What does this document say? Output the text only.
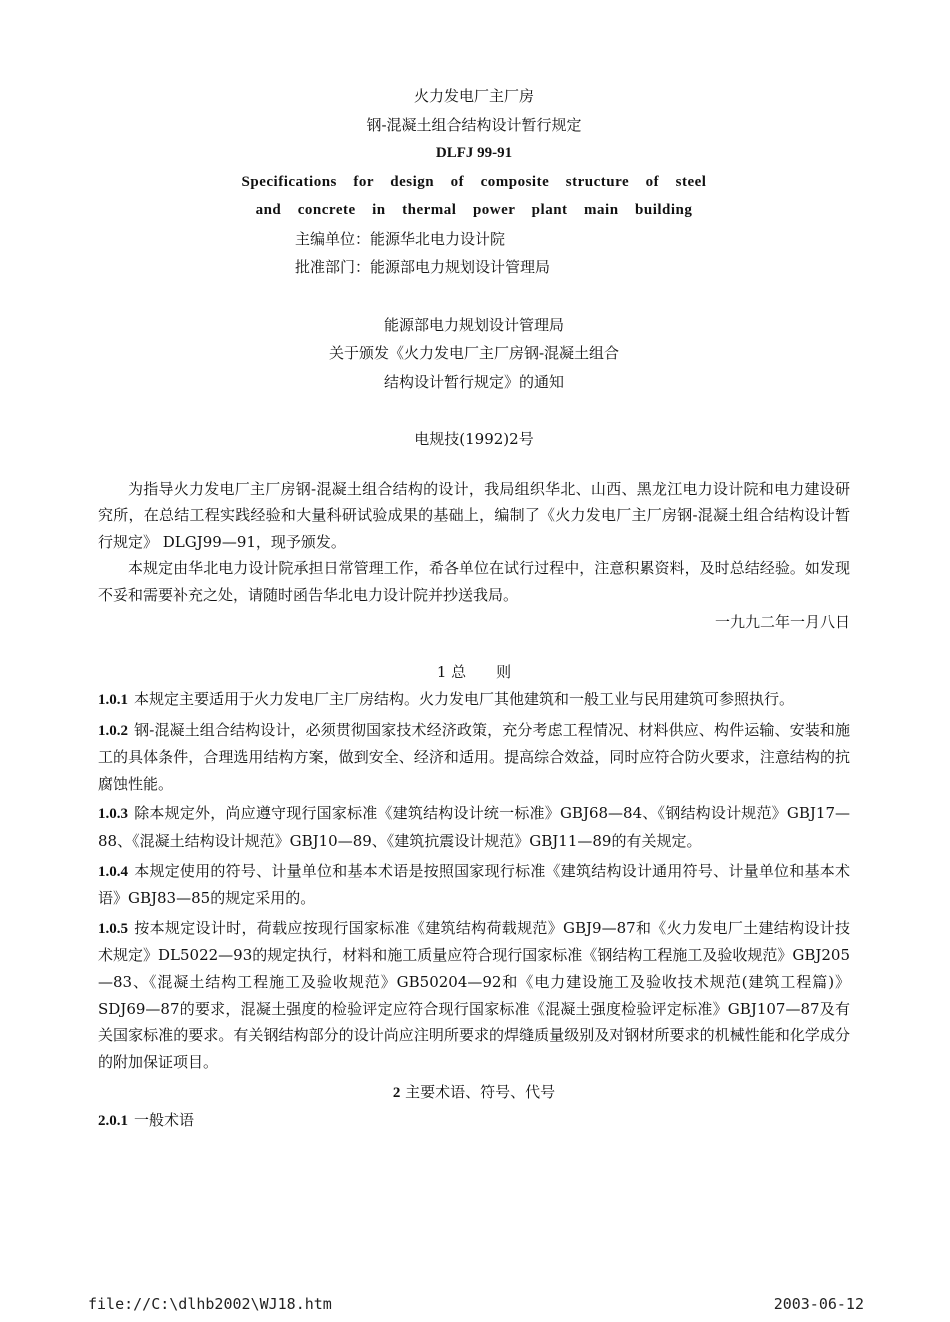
火力发电厂主厂房
钢-混凝土组合结构设计暂行规定
DLFJ 99-91
Specifications  for  design  of  composite  structure  of  steel
and  concrete  in  thermal  power  plant  main  building
主编单位：能源华北电力设计院
批准部门：能源部电力规划设计管理局
能源部电力规划设计管理局
关于颁发《火力发电厂主厂房钢-混凝土组合
结构设计暂行规定》的通知
电规技(1992)2号

为指导火力发电厂主厂房钢-混凝土组合结构的设计，我局组织华北、山西、黑龙江电力设计院和电力建设研究所，在总结工程实践经验和大量科研试验成果的基础上，编制了《火力发电厂主厂房钢-混凝土组合结构设计暂行规定》 DLGJ99—91，现予颁发。

本规定由华北电力设计院承担日常管理工作，希各单位在试行过程中，注意积累资料，及时总结经验。如发现不妥和需要补充之处，请随时函告华北电力设计院并抄送我局。

一九九二年一月八日
1 总　　则

1.0.1 本规定主要适用于火力发电厂主厂房结构。火力发电厂其他建筑和一般工业与民用建筑可参照执行。

1.0.2 钢-混凝土组合结构设计，必须贯彻国家技术经济政策，充分考虑工程情况、材料供应、构件运输、安装和施工的具体条件，合理选用结构方案，做到安全、经济和适用。提高综合效益，同时应符合防火要求，注意结构的抗腐蚀性能。

1.0.3 除本规定外，尚应遵守现行国家标准《建筑结构设计统一标准》GBJ68—84、《钢结构设计规范》GBJ17—88、《混凝土结构设计规范》GBJ10—89、《建筑抗震设计规范》GBJ11—89的有关规定。

1.0.4 本规定使用的符号、计量单位和基本术语是按照国家现行标准《建筑结构设计通用符号、计量单位和基本术语》GBJ83—85的规定采用的。

1.0.5 按本规定设计时，荷载应按现行国家标准《建筑结构荷载规范》GBJ9—87和《火力发电厂土建结构设计技术规定》DL5022—93的规定执行，材料和施工质量应符合现行国家标准《钢结构工程施工及验收规范》GBJ205—83、《混凝土结构工程施工及验收规范》GB50204—92和《电力建设施工及验收技术规范(建筑工程篇)》SDJ69—87的要求，混凝土强度的检验评定应符合现行国家标准《混凝土强度检验评定标准》GBJ107—87及有关国家标准的要求。有关钢结构部分的设计尚应注明所要求的焊缝质量级别及对钢材所要求的机械性能和化学成分的附加保证项目。

2 主要术语、符号、代号

2.0.1 一般术语

file://C:\dlhb2002\WJ18.htm	2003-06-12
